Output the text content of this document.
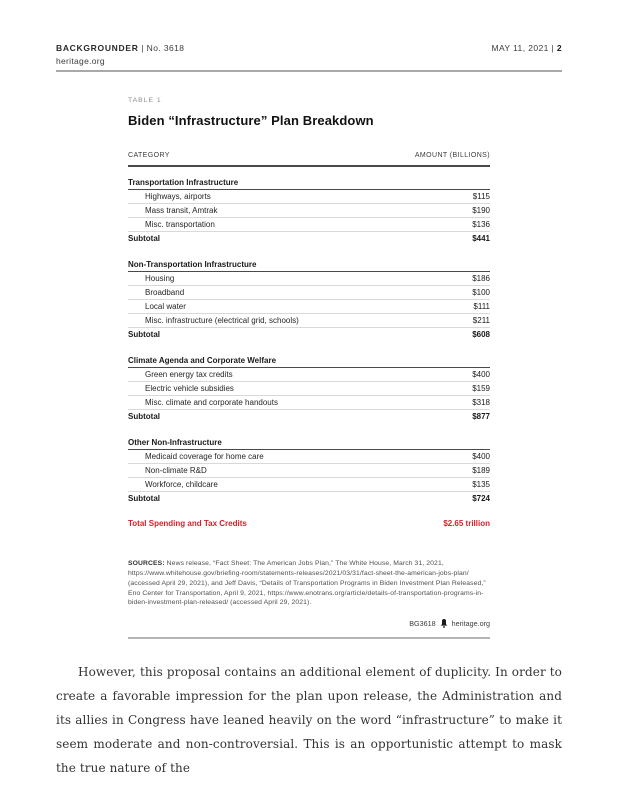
BACKGROUNDER | No. 3618
heritage.org
MAY 11, 2021 | 2
TABLE 1
Biden “Infrastructure” Plan Breakdown
CATEGORY	AMOUNT (BILLIONS)
Transportation Infrastructure
Highways, airports	$115
Mass transit, Amtrak	$190
Misc. transportation	$136
Subtotal	$441
Non-Transportation Infrastructure
Housing	$186
Broadband	$100
Local water	$111
Misc. infrastructure (electrical grid, schools)	$211
Subtotal	$608
Climate Agenda and Corporate Welfare
Green energy tax credits	$400
Electric vehicle subsidies	$159
Misc. climate and corporate handouts	$318
Subtotal	$877
Other Non-Infrastructure
Medicaid coverage for home care	$400
Non-climate R&D	$189
Workforce, childcare	$135
Subtotal	$724
Total Spending and Tax Credits	$2.65 trillion
SOURCES: News release, “Fact Sheet: The American Jobs Plan,” The White House, March 31, 2021, https://www.whitehouse.gov/briefing-room/statements-releases/2021/03/31/fact-sheet-the-american-jobs-plan/ (accessed April 29, 2021), and Jeff Davis, “Details of Transportation Programs in Biden Investment Plan Released,” Eno Center for Transportation, April 9, 2021, https://www.enotrans.org/article/details-of-transportation-programs-in-biden-investment-plan-released/ (accessed April 29, 2021).
BG3618 heritage.org

However, this proposal contains an additional element of duplicity. In order to create a favorable impression for the plan upon release, the Administration and its allies in Congress have leaned heavily on the word “infrastructure” to make it seem moderate and non-controversial. This is an opportunistic attempt to mask the true nature of the
